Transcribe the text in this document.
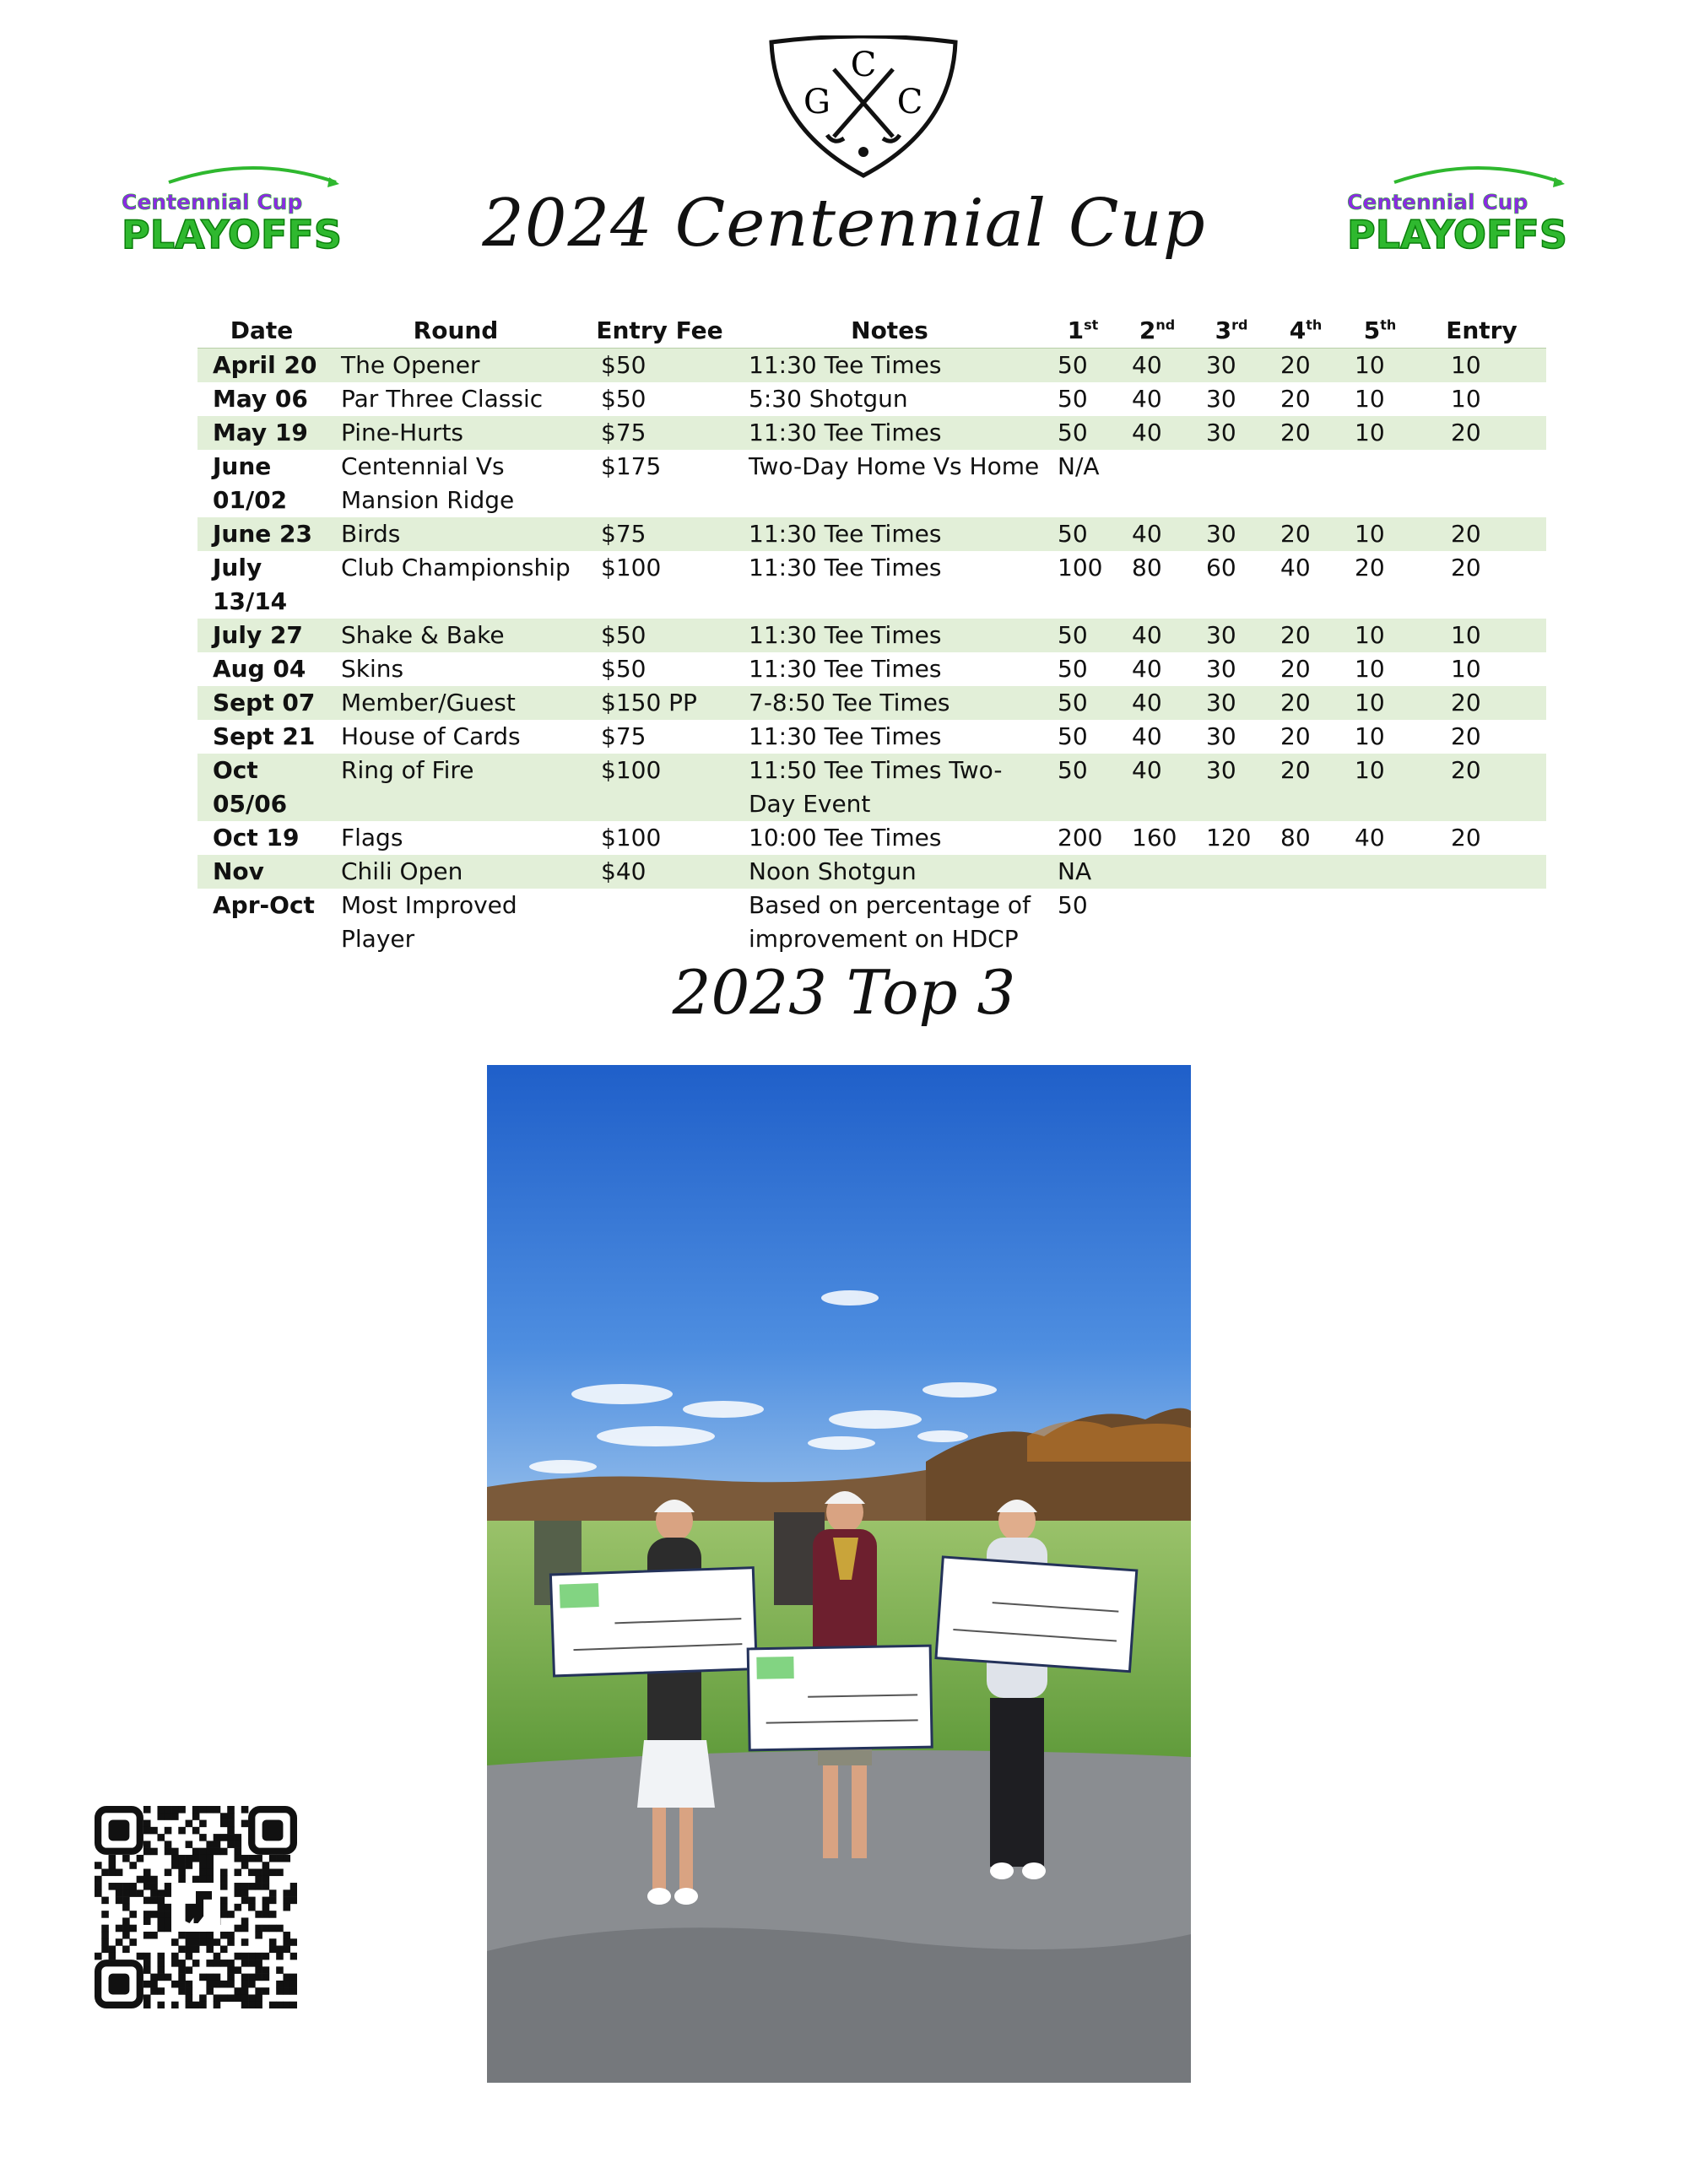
C
G C
Centennial Cup
PLAYOFFS
Centennial Cup
PLAYOFFS
2024 Centennial Cup
Date	Round	Entry Fee	Notes	1st	2nd	3rd	4th	5th	Entry
April 20	The Opener	$50	11:30 Tee Times	50	40	30	20	10	10
May 06	Par Three Classic	$50	5:30 Shotgun	50	40	30	20	10	10
May 19	Pine-Hurts	$75	11:30 Tee Times	50	40	30	20	10	20
June 01/02	Centennial Vs Mansion Ridge	$175	Two-Day Home Vs Home	N/A					
June 23	Birds	$75	11:30 Tee Times	50	40	30	20	10	20
July 13/14	Club Championship	$100	11:30 Tee Times	100	80	60	40	20	20
July 27	Shake & Bake	$50	11:30 Tee Times	50	40	30	20	10	10
Aug 04	Skins	$50	11:30 Tee Times	50	40	30	20	10	10
Sept 07	Member/Guest	$150 PP	7-8:50 Tee Times	50	40	30	20	10	20
Sept 21	House of Cards	$75	11:30 Tee Times	50	40	30	20	10	20
Oct 05/06	Ring of Fire	$100	11:50 Tee Times Two-Day Event	50	40	30	20	10	20
Oct 19	Flags	$100	10:00 Tee Times	200	160	120	80	40	20
Nov	Chili Open	$40	Noon Shotgun	NA					
Apr-Oct	Most Improved Player		Based on percentage of improvement on HDCP	50					
2023 Top 3
